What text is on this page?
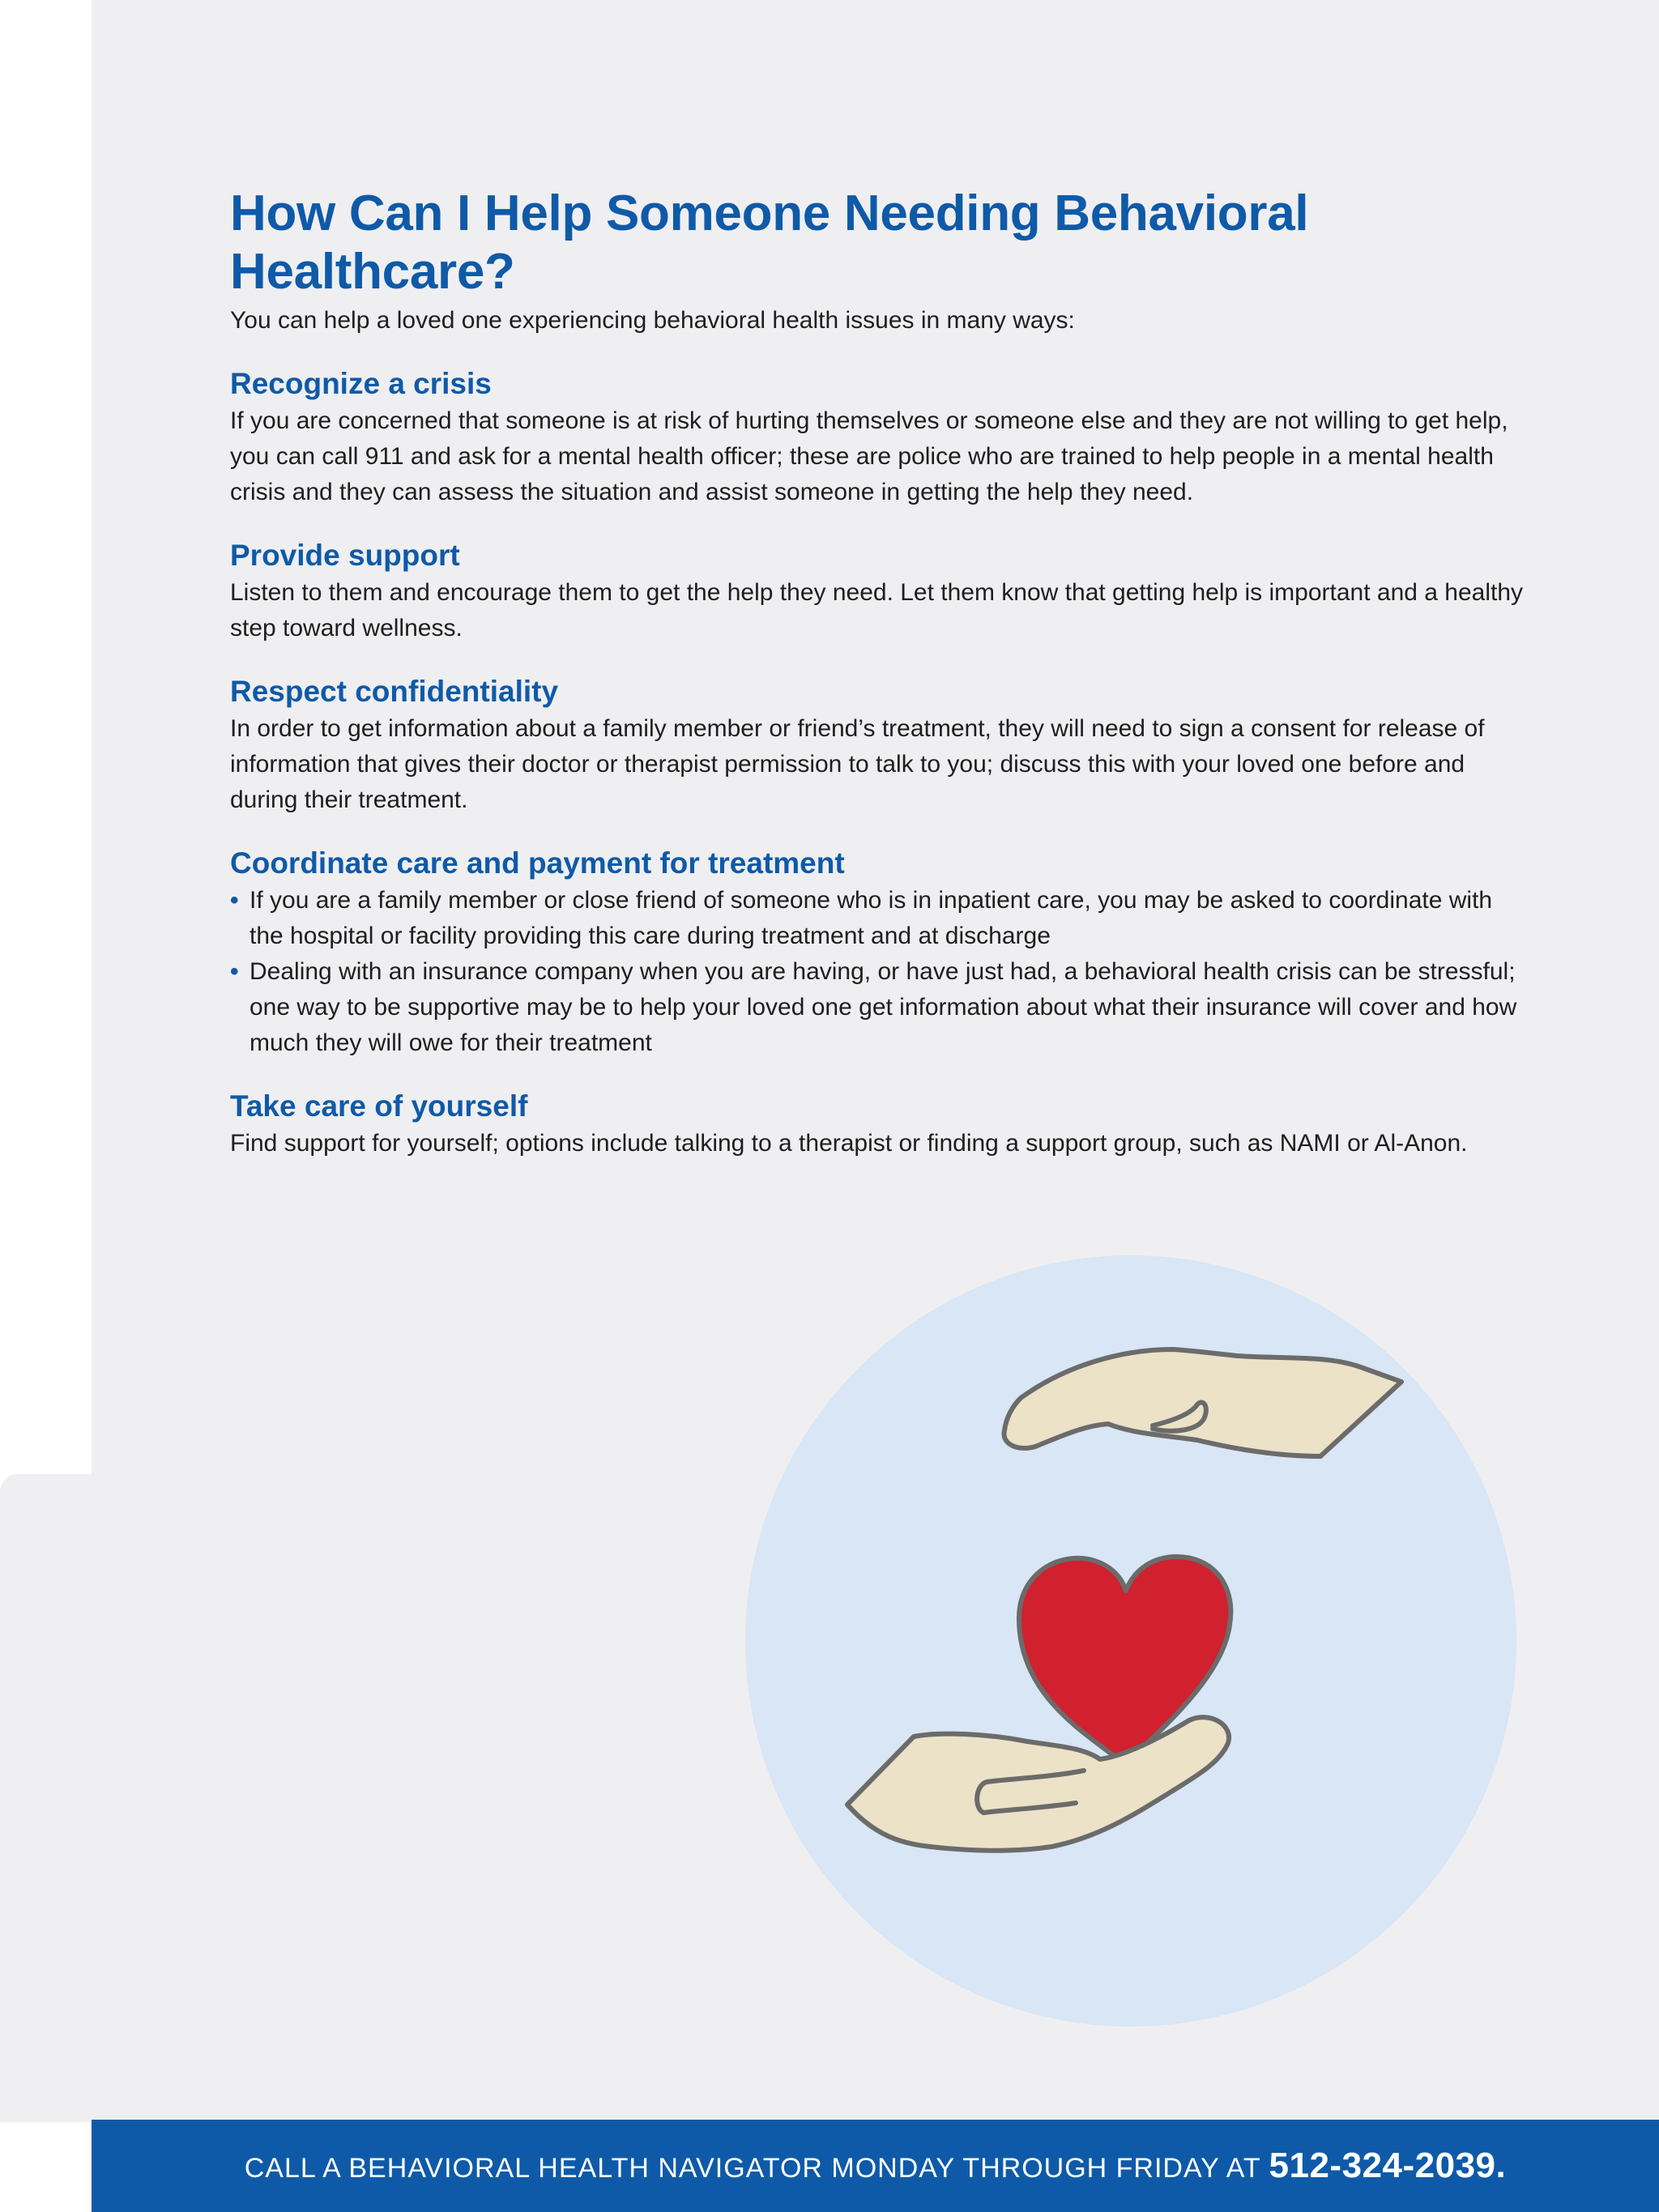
How Can I Help Someone Needing Behavioral Healthcare?

You can help a loved one experiencing behavioral health issues in many ways:

Recognize a crisis

If you are concerned that someone is at risk of hurting themselves or someone else and they are not willing to get help, you can call 911 and ask for a mental health officer; these are police who are trained to help people in a mental health crisis and they can assess the situation and assist someone in getting the help they need.

Provide support

Listen to them and encourage them to get the help they need. Let them know that getting help is important and a healthy step toward wellness.

Respect confidentiality

In order to get information about a family member or friend’s treatment, they will need to sign a consent for release of information that gives their doctor or therapist permission to talk to you; discuss this with your loved one before and during their treatment.

Coordinate care and payment for treatment
• If you are a family member or close friend of someone who is in inpatient care, you may be asked to coordinate with the hospital or facility providing this care during treatment and at discharge
• Dealing with an insurance company when you are having, or have just had, a behavioral health crisis can be stressful; one way to be supportive may be to help your loved one get information about what their insurance will cover and how much they will owe for their treatment
Take care of yourself

Find support for yourself; options include talking to a therapist or finding a support group, such as NAMI or Al-Anon.

CALL A BEHAVIORAL HEALTH NAVIGATOR MONDAY THROUGH FRIDAY AT 512-324-2039.
